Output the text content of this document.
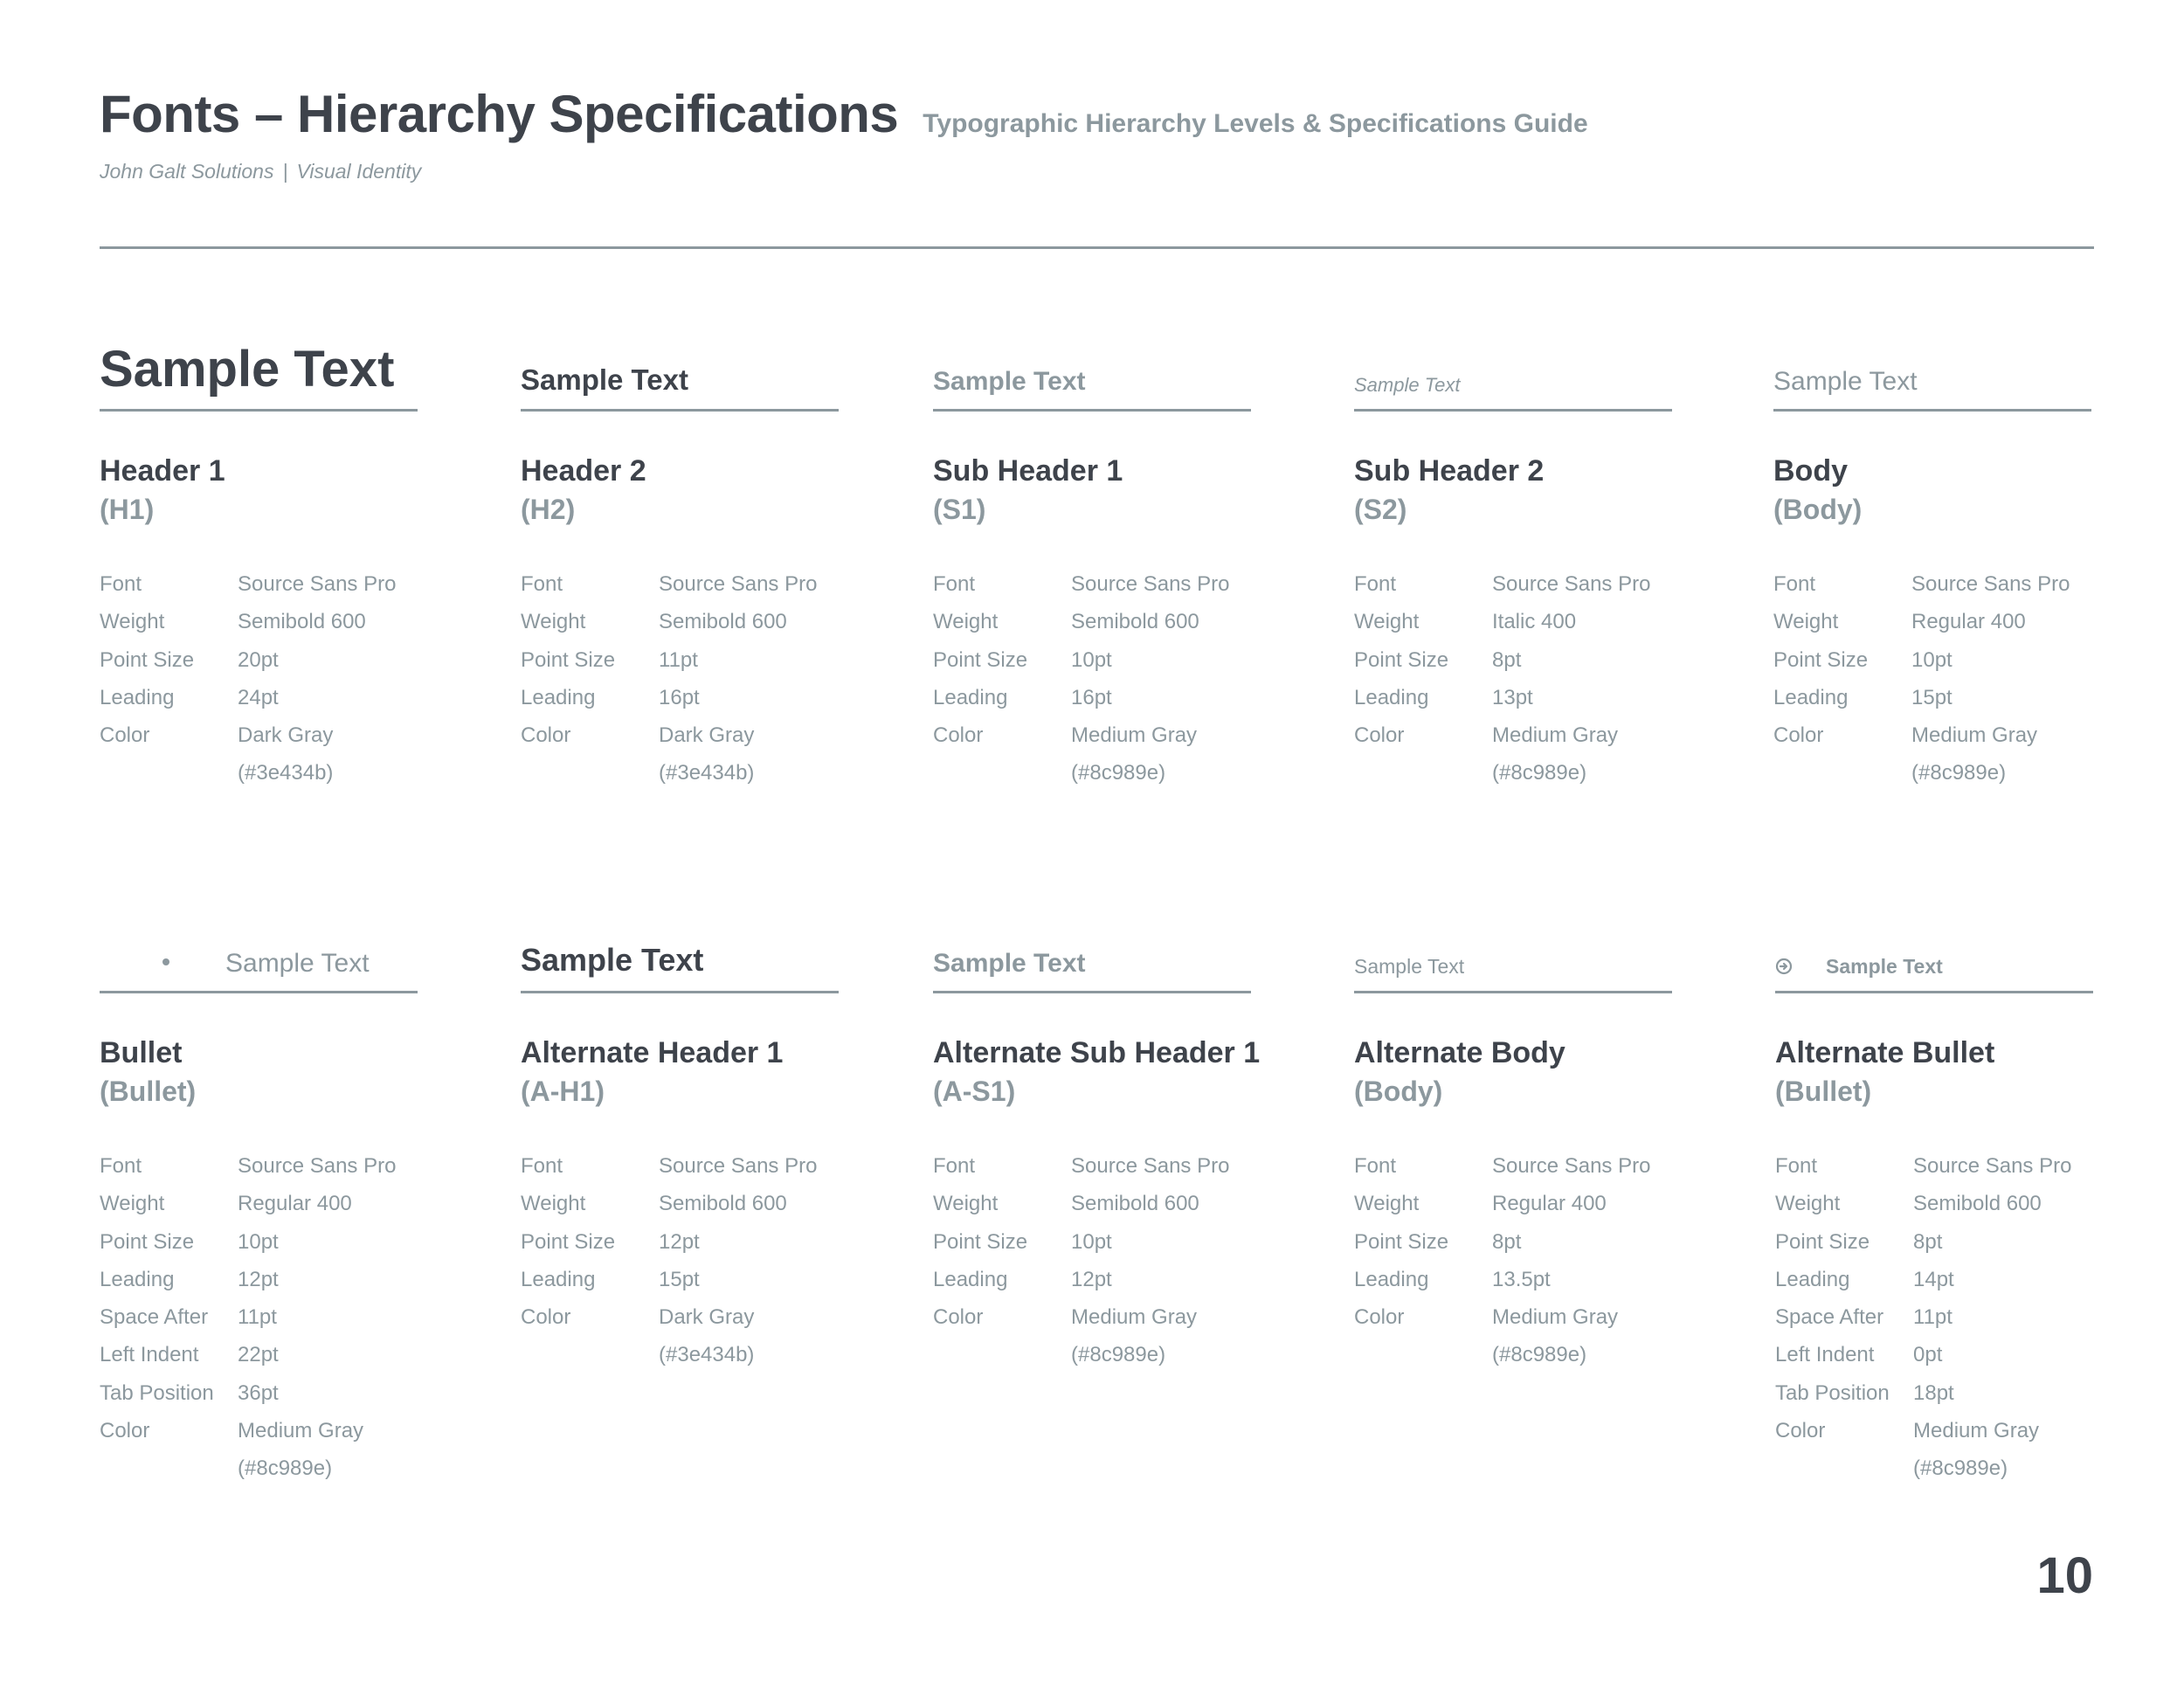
Fonts – Hierarchy Specifications Typographic Hierarchy Levels & Specifications Guide
John Galt Solutions | Visual Identity
Sample Text
Header 1
(H1)
Font	Source Sans Pro
Weight	Semibold 600
Point Size	20pt
Leading	24pt
Color	Dark Gray
(#3e434b)
Sample Text
Header 2
(H2)
Font	Source Sans Pro
Weight	Semibold 600
Point Size	11pt
Leading	16pt
Color	Dark Gray
(#3e434b)
Sample Text
Sub Header 1
(S1)
Font	Source Sans Pro
Weight	Semibold 600
Point Size	10pt
Leading	16pt
Color	Medium Gray
(#8c989e)
Sample Text
Sub Header 2
(S2)
Font	Source Sans Pro
Weight	Italic 400
Point Size	8pt
Leading	13pt
Color	Medium Gray
(#8c989e)
Sample Text
Body
(Body)
Font	Source Sans Pro
Weight	Regular 400
Point Size	10pt
Leading	15pt
Color	Medium Gray
(#8c989e)
Sample Text
Bullet
(Bullet)
Font	Source Sans Pro
Weight	Regular 400
Point Size	10pt
Leading	12pt
Space After	11pt
Left Indent	22pt
Tab Position	36pt
Color	Medium Gray
(#8c989e)
Sample Text
Alternate Header 1
(A-H1)
Font	Source Sans Pro
Weight	Semibold 600
Point Size	12pt
Leading	15pt
Color	Dark Gray
(#3e434b)
Sample Text
Alternate Sub Header 1
(A-S1)
Font	Source Sans Pro
Weight	Semibold 600
Point Size	10pt
Leading	12pt
Color	Medium Gray
(#8c989e)
Sample Text
Alternate Body
(Body)
Font	Source Sans Pro
Weight	Regular 400
Point Size	8pt
Leading	13.5pt
Color	Medium Gray
(#8c989e)
Sample Text
Alternate Bullet
(Bullet)
Font	Source Sans Pro
Weight	Semibold 600
Point Size	8pt
Leading	14pt
Space After	11pt
Left Indent	0pt
Tab Position	18pt
Color	Medium Gray
(#8c989e)
10
